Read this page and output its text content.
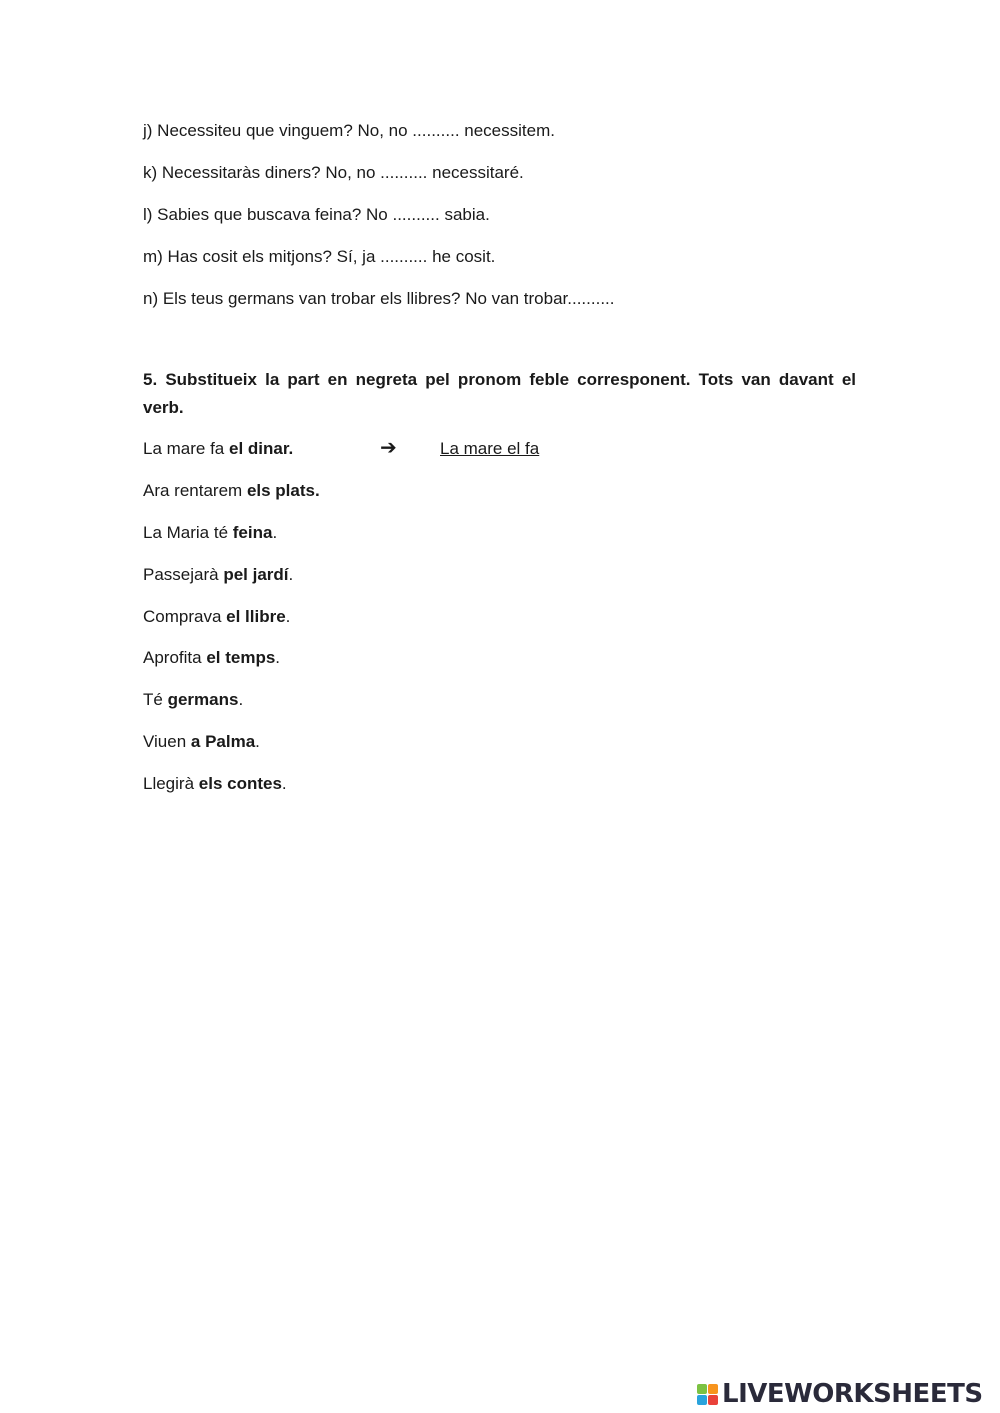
j) Necessiteu que vinguem? No, no .......... necessitem.
k) Necessitaràs diners? No, no .......... necessitaré.
l) Sabies que buscava feina? No .......... sabia.
m) Has cosit els mitjons? Sí, ja .......... he cosit.
n) Els teus germans van trobar els llibres? No van trobar..........
5. Substitueix la part en negreta pel pronom feble corresponent. Tots van davant el verb.
La mare fa el dinar.	➔	La mare el fa
Ara rentarem els plats.
La Maria té feina.
Passejarà pel jardí.
Comprava el llibre.
Aprofita el temps.
Té germans.
Viuen a Palma.
Llegirà els contes.
LIVEWORKSHEETS
